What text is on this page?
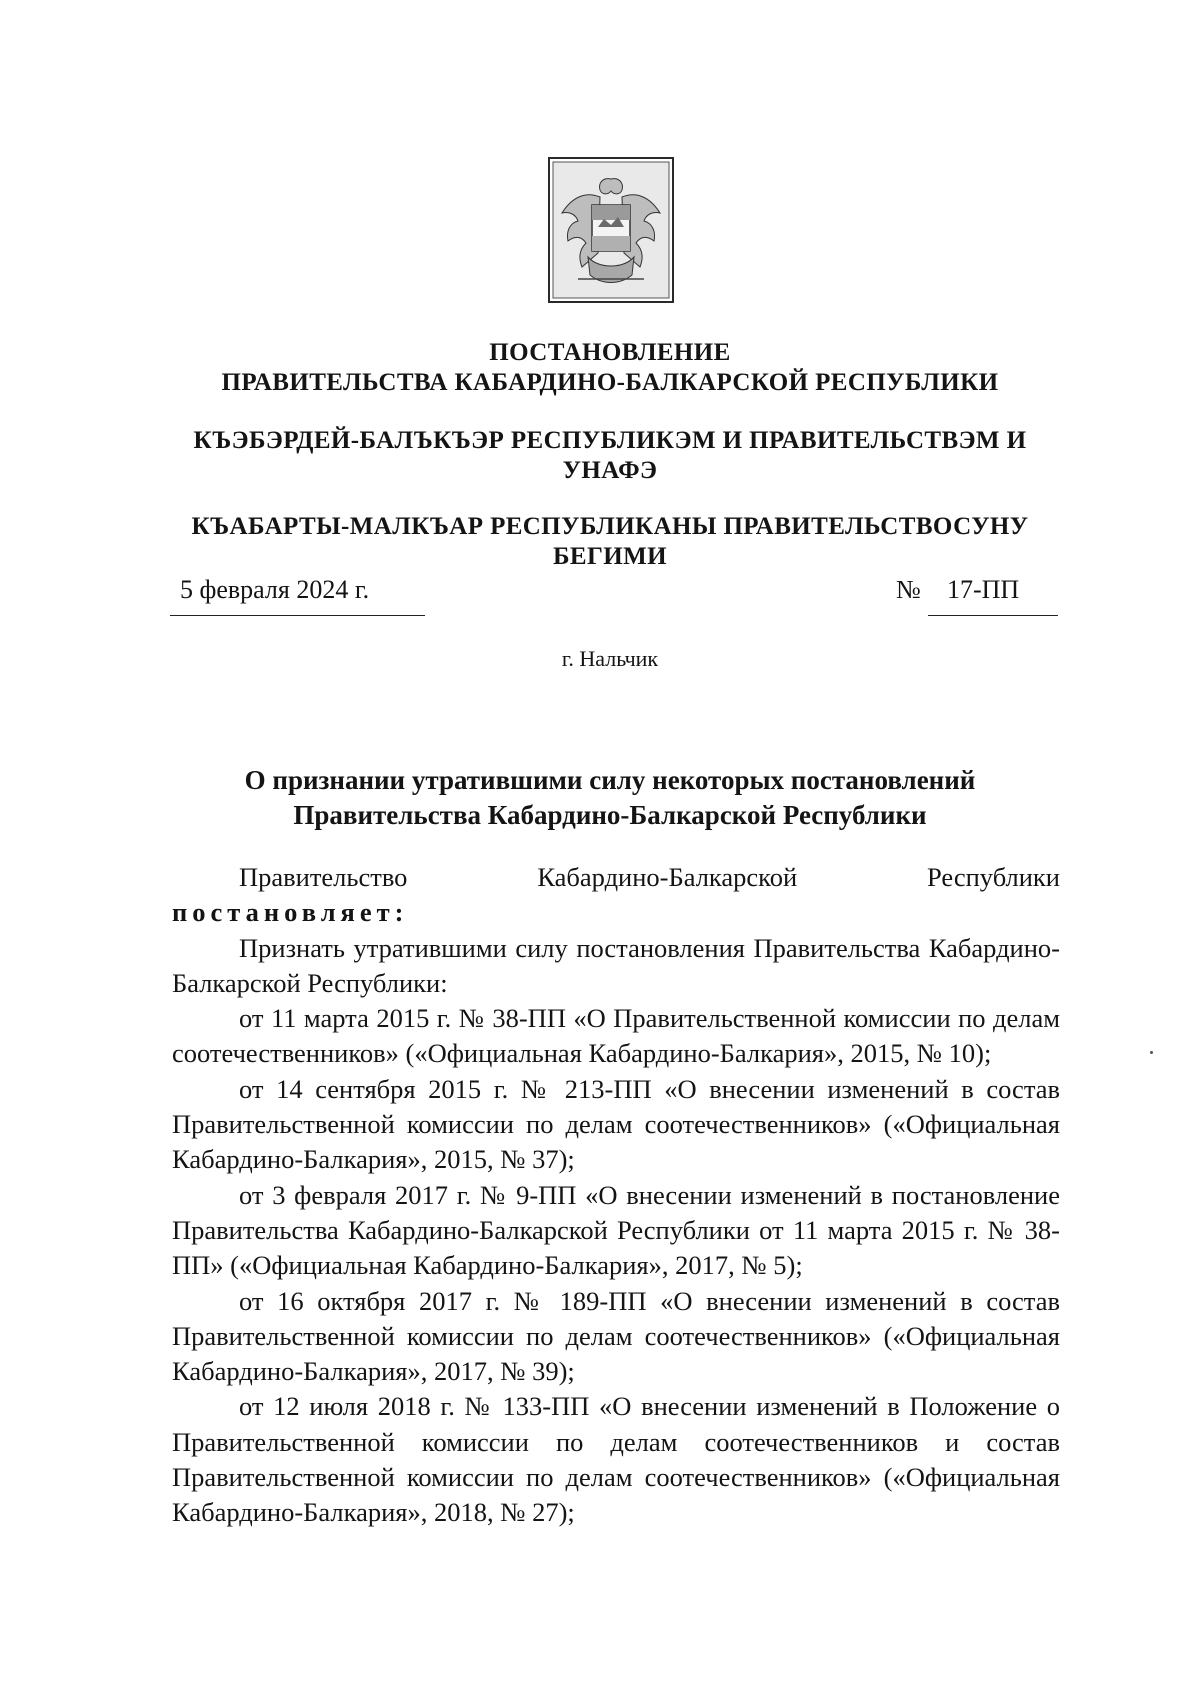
ПОСТАНОВЛЕНИЕ
ПРАВИТЕЛЬСТВА КАБАРДИНО-БАЛКАРСКОЙ РЕСПУБЛИКИ
КЪЭБЭРДЕЙ-БАЛЪКЪЭР РЕСПУБЛИКЭМ И ПРАВИТЕЛЬСТВЭМ И
УНАФЭ
КЪАБАРТЫ-МАЛКЪАР РЕСПУБЛИКАНЫ ПРАВИТЕЛЬСТВОСУНУ
БЕГИМИ
5 февраля 2024 г.	№ 17-ПП
г. Нальчик
О признании утратившими силу некоторых постановлений
Правительства Кабардино-Балкарской Республики
Правительство Кабардино-Балкарской Республики
постановляет:

Признать утратившими силу постановления Правительства Кабардино-Балкарской Республики:

от 11 марта 2015 г. № 38-ПП «О Правительственной комиссии по делам соотечественников» («Официальная Кабардино-Балкария», 2015, № 10);

от 14 сентября 2015 г. № 213-ПП «О внесении изменений в состав Правительственной комиссии по делам соотечественников» («Официальная Кабардино-Балкария», 2015, № 37);

от 3 февраля 2017 г. № 9-ПП «О внесении изменений в постановление Правительства Кабардино-Балкарской Республики от 11 марта 2015 г. № 38-ПП» («Официальная Кабардино-Балкария», 2017, № 5);

от 16 октября 2017 г. № 189-ПП «О внесении изменений в состав Правительственной комиссии по делам соотечественников» («Официальная Кабардино-Балкария», 2017, № 39);

от 12 июля 2018 г. № 133-ПП «О внесении изменений в Положение о Правительственной комиссии по делам соотечественников и состав Правительственной комиссии по делам соотечественников» («Официальная Кабардино-Балкария», 2018, № 27);
